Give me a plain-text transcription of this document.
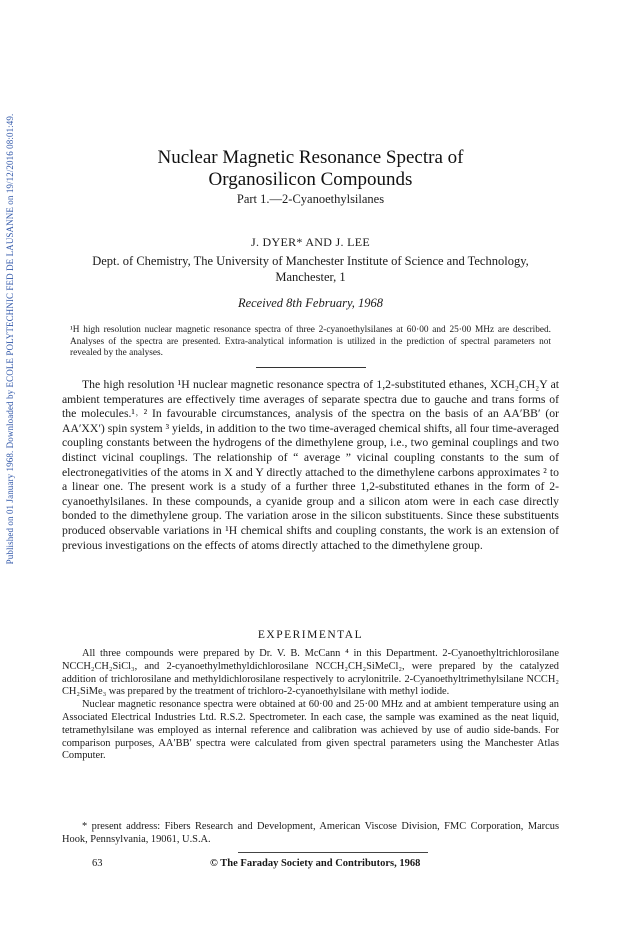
Published on 01 January 1968. Downloaded by ECOLE POLYTECHNIC FED DE LAUSANNE on 19/12/2016 08:01:49.	Nuclear Magnetic Resonance Spectra of
Organosilicon Compounds
Part 1.—2-Cyanoethylsilanes
J. DYER* AND J. LEE
Dept. of Chemistry, The University of Manchester Institute of Science and Technology,
Manchester, 1
Received 8th February, 1968
¹H high resolution nuclear magnetic resonance spectra of three 2-cyanoethylsilanes at 60·00 and 25·00 MHz are described. Analyses of the spectra are presented. Extra-analytical information is utilized in the prediction of spectral parameters not revealed by the analyses.

The high resolution ¹H nuclear magnetic resonance spectra of 1,2-substituted ethanes, XCH₂CH₂Y at ambient temperatures are effectively time averages of separate spectra due to gauche and trans forms of the molecules.¹˒ ² In favourable circumstances, analysis of the spectra on the basis of an AA′BB′ (or AA′XX′) spin system ³ yields, in addition to the two time-averaged chemical shifts, all four time-averaged coupling constants between the hydrogens of the dimethylene group, i.e., two geminal couplings and two distinct vicinal couplings. The relationship of “ average ” vicinal coupling constants to the sum of electronegativities of the atoms in X and Y directly attached to the dimethylene carbons approximates ² to a linear one. The present work is a study of a further three 1,2-substituted ethanes in the form of 2-cyanoethylsilanes. In these compounds, a cyanide group and a silicon atom were in each case directly bonded to the dimethylene group. The variation arose in the silicon substituents. Since these substituents produced observable variations in ¹H chemical shifts and coupling constants, the work is an extension of previous investigations on the effects of atoms directly attached to the dimethylene group.

EXPERIMENTAL

All three compounds were prepared by Dr. V. B. McCann ⁴ in this Department. 2-Cyanoethyltrichlorosilane NCCH₂CH₂SiCl₃, and 2-cyanoethylmethyldichlorosilane NCCH₂CH₂SiMeCl₂, were prepared by the catalyzed addition of trichlorosilane and methyldichlorosilane respectively to acrylonitrile. 2-Cyanoethyltrimethylsilane NCCH₂ CH₂SiMe₃ was prepared by the treatment of trichloro-2-cyanoethylsilane with methyl iodide.

Nuclear magnetic resonance spectra were obtained at 60·00 and 25·00 MHz and at ambient temperature using an Associated Electrical Industries Ltd. R.S.2. Spectrometer. In each case, the sample was examined as the neat liquid, tetramethylsilane was employed as internal reference and calibration was achieved by use of audio side-bands. For comparison purposes, AA′BB′ spectra were calculated from given spectral parameters using the Manchester Atlas Computer.

* present address: Fibers Research and Development, American Viscose Division, FMC Corporation, Marcus Hook, Pennsylvania, 19061, U.S.A.

63	© The Faraday Society and Contributors, 1968
